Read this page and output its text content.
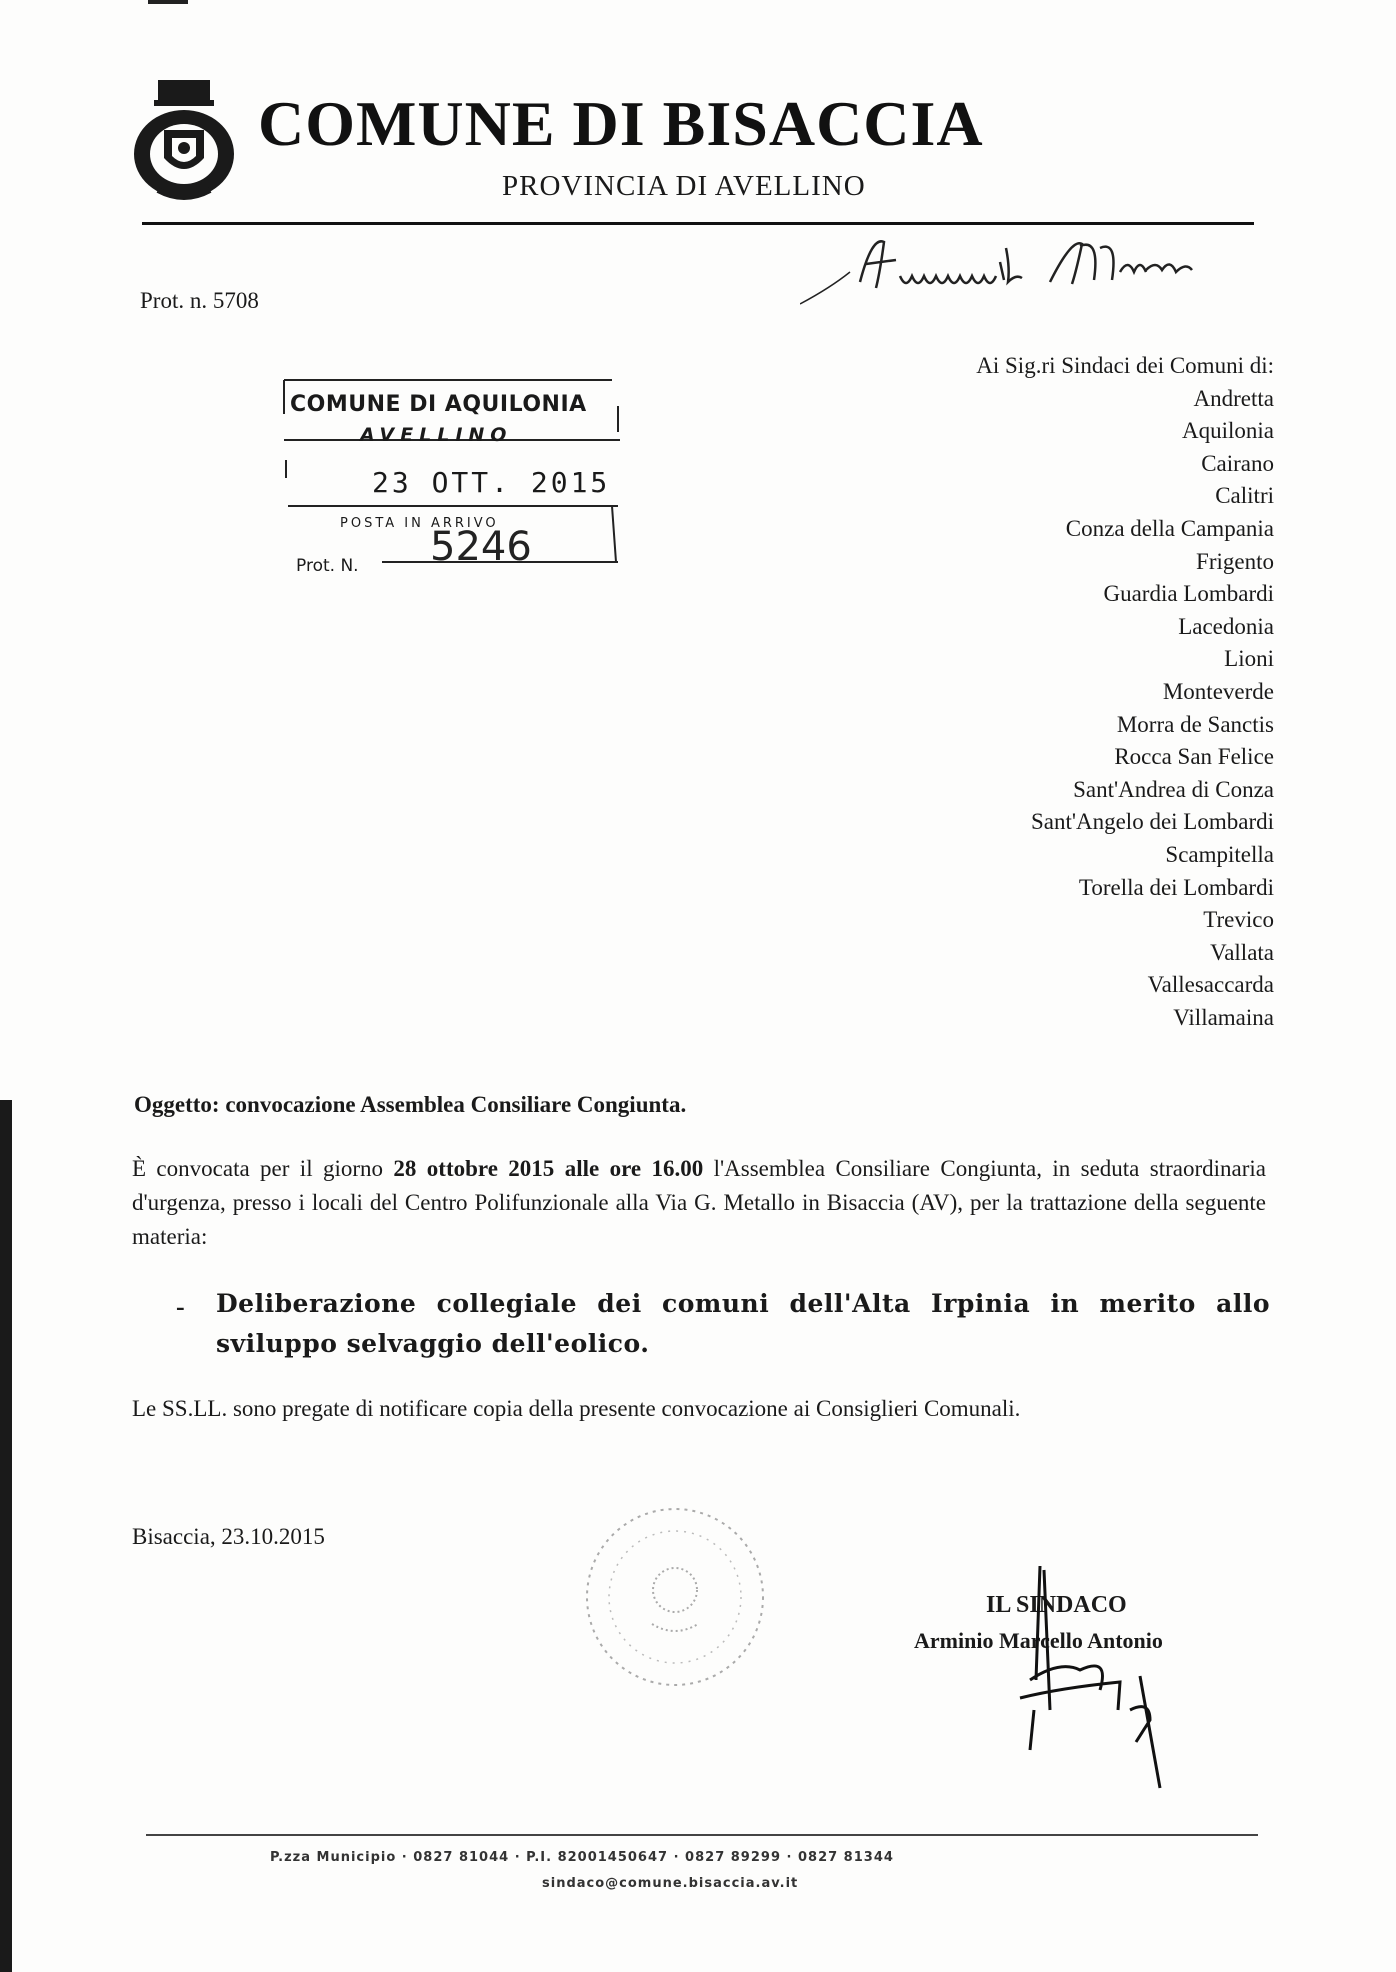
COMUNE DI BISACCIA
PROVINCIA DI AVELLINO
Prot. n. 5708
COMUNE DI AQUILONIA
AVELLINO
23 OTT. 2015
POSTA IN ARRIVO
Prot. N. 5246
Ai Sig.ri Sindaci dei Comuni di:
Andretta
Aquilonia
Cairano
Calitri
Conza della Campania
Frigento
Guardia Lombardi
Lacedonia
Lioni
Monteverde
Morra de Sanctis
Rocca San Felice
Sant'Andrea di Conza
Sant'Angelo dei Lombardi
Scampitella
Torella dei Lombardi
Trevico
Vallata
Vallesaccarda
Villamaina
Oggetto: convocazione Assemblea Consiliare Congiunta.
È convocata per il giorno 28 ottobre 2015 alle ore 16.00 l'Assemblea Consiliare Congiunta, in seduta straordinaria d'urgenza, presso i locali del Centro Polifunzionale alla Via G. Metallo in Bisaccia (AV), per la trattazione della seguente materia:
- Deliberazione collegiale dei comuni dell'Alta Irpinia in merito allo sviluppo selvaggio dell'eolico.
Le SS.LL. sono pregate di notificare copia della presente convocazione ai Consiglieri Comunali.
Bisaccia, 23.10.2015
IL SINDACO
Arminio Marcello Antonio
P.zza Municipio · 0827 81044 · P.I. 82001450647 · 0827 89299 · 0827 81344
sindaco@comune.bisaccia.av.it
